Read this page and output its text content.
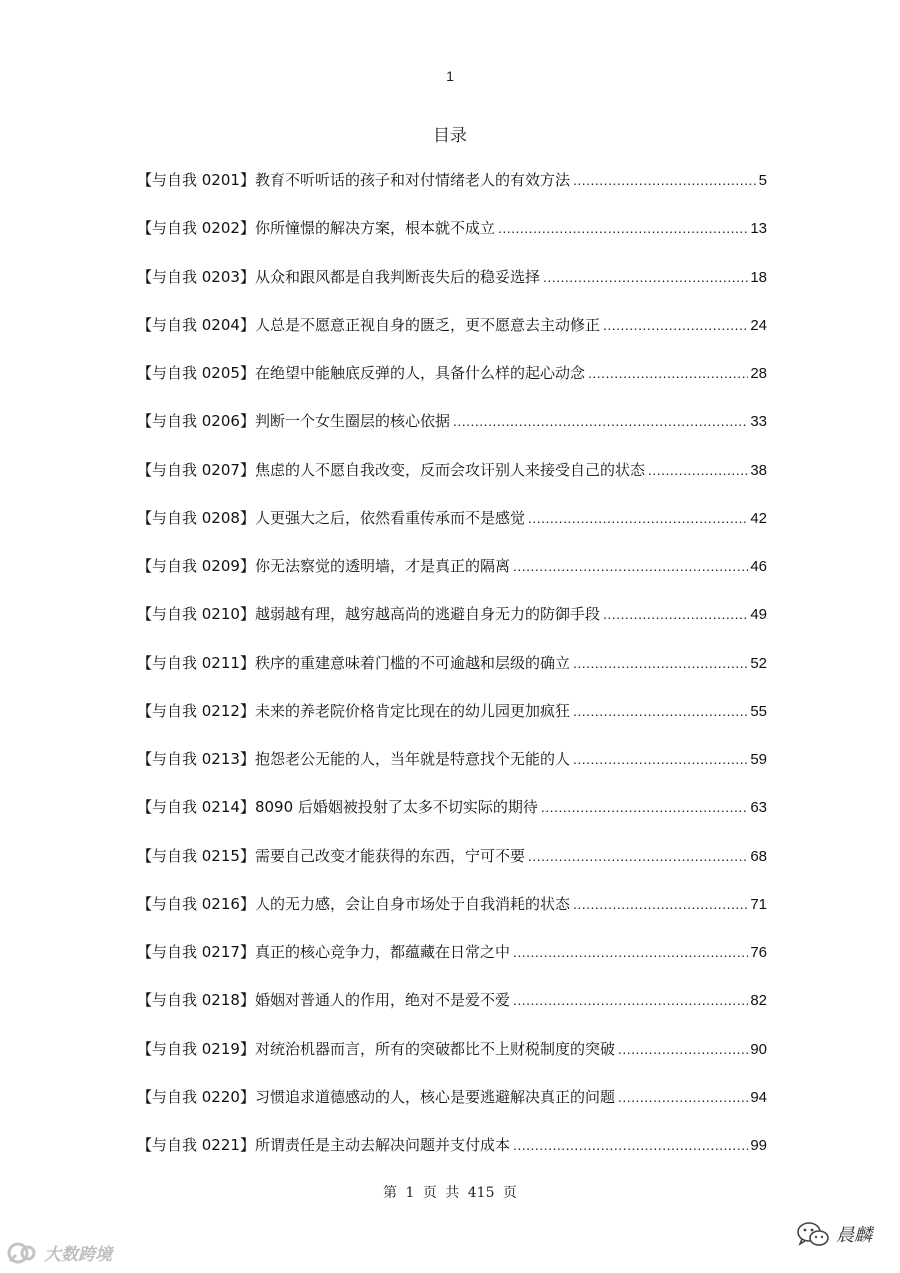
1
目录
【与自我 0201】教育不听听话的孩子和对付情绪老人的有效方法 .....	5
【与自我 0202】你所憧憬的解决方案，根本就不成立 .....	13
【与自我 0203】从众和跟风都是自我判断丧失后的稳妥选择 .....	18
【与自我 0204】人总是不愿意正视自身的匮乏，更不愿意去主动修正 .....	24
【与自我 0205】在绝望中能触底反弹的人，具备什么样的起心动念 .....	28
【与自我 0206】判断一个女生圈层的核心依据 .....	33
【与自我 0207】焦虑的人不愿自我改变，反而会攻讦别人来接受自己的状态 .....	38
【与自我 0208】人更强大之后，依然看重传承而不是感觉 .....	42
【与自我 0209】你无法察觉的透明墙，才是真正的隔离 .....	46
【与自我 0210】越弱越有理，越穷越高尚的逃避自身无力的防御手段 .....	49
【与自我 0211】秩序的重建意味着门槛的不可逾越和层级的确立 .....	52
【与自我 0212】未来的养老院价格肯定比现在的幼儿园更加疯狂 .....	55
【与自我 0213】抱怨老公无能的人，当年就是特意找个无能的人 .....	59
【与自我 0214】8090 后婚姻被投射了太多不切实际的期待 .....	63
【与自我 0215】需要自己改变才能获得的东西，宁可不要 .....	68
【与自我 0216】人的无力感，会让自身市场处于自我消耗的状态 .....	71
【与自我 0217】真正的核心竞争力，都蕴藏在日常之中 .....	76
【与自我 0218】婚姻对普通人的作用，绝对不是爱不爱 .....	82
【与自我 0219】对统治机器而言，所有的突破都比不上财税制度的突破 .....	90
【与自我 0220】习惯追求道德感动的人，核心是要逃避解决真正的问题 .....	94
【与自我 0221】所谓责任是主动去解决问题并支付成本 .....	99
第 1 页 共 415 页
大数跨境
晨麟
